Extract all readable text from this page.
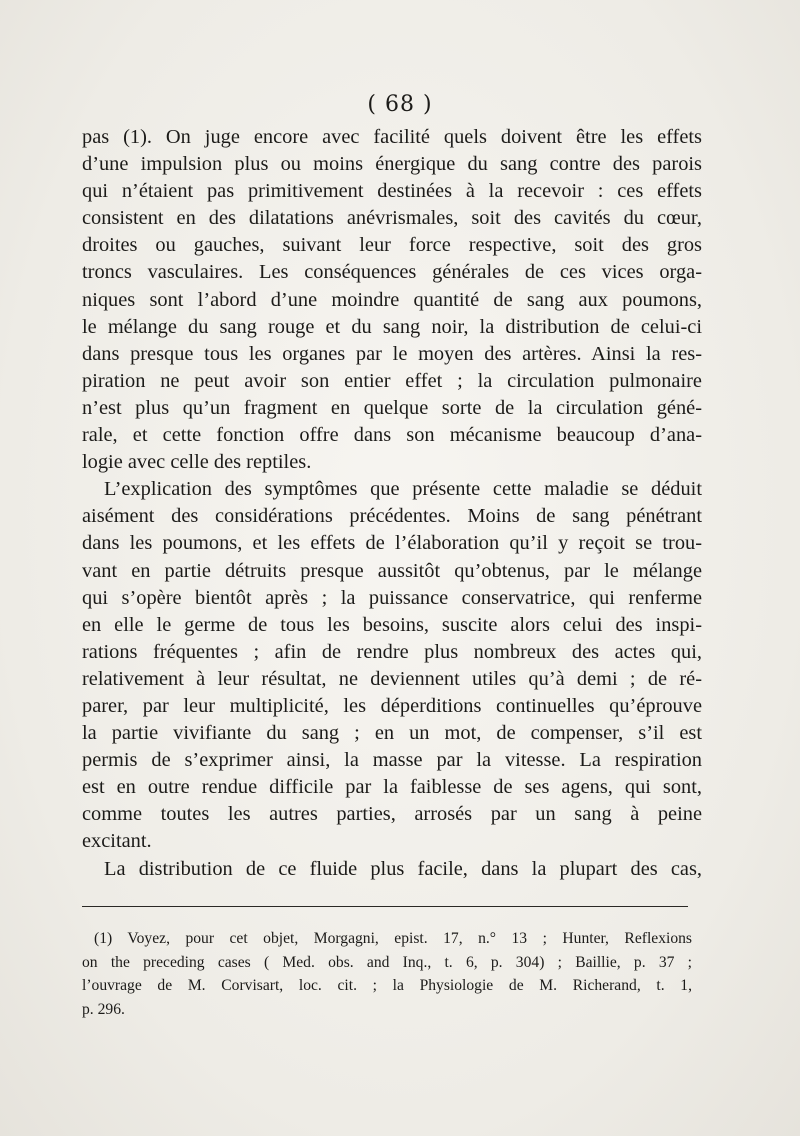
( 68 )
pas (1). On juge encore avec facilité quels doivent être les effets
d’une impulsion plus ou moins énergique du sang contre des parois
qui n’étaient pas primitivement destinées à la recevoir : ces effets
consistent en des dilatations anévrismales, soit des cavités du cœur,
droites ou gauches, suivant leur force respective, soit des gros
troncs vasculaires. Les conséquences générales de ces vices orga-
niques sont l’abord d’une moindre quantité de sang aux poumons,
le mélange du sang rouge et du sang noir, la distribution de celui-ci
dans presque tous les organes par le moyen des artères. Ainsi la res-
piration ne peut avoir son entier effet ; la circulation pulmonaire
n’est plus qu’un fragment en quelque sorte de la circulation géné-
rale, et cette fonction offre dans son mécanisme beaucoup d’ana-
logie avec celle des reptiles.
L’explication des symptômes que présente cette maladie se déduit
aisément des considérations précédentes. Moins de sang pénétrant
dans les poumons, et les effets de l’élaboration qu’il y reçoit se trou-
vant en partie détruits presque aussitôt qu’obtenus, par le mélange
qui s’opère bientôt après ; la puissance conservatrice, qui renferme
en elle le germe de tous les besoins, suscite alors celui des inspi-
rations fréquentes ; afin de rendre plus nombreux des actes qui,
relativement à leur résultat, ne deviennent utiles qu’à demi ; de ré-
parer, par leur multiplicité, les déperditions continuelles qu’éprouve
la partie vivifiante du sang ; en un mot, de compenser, s’il est
permis de s’exprimer ainsi, la masse par la vitesse. La respiration
est en outre rendue difficile par la faiblesse de ses agens, qui sont,
comme toutes les autres parties, arrosés par un sang à peine
excitant.
La distribution de ce fluide plus facile, dans la plupart des cas,
(1) Voyez, pour cet objet, Morgagni, epist. 17, n.° 13 ; Hunter, Reflexions
on the preceding cases ( Med. obs. and Inq., t. 6, p. 304) ; Baillie, p. 37 ;
l’ouvrage de M. Corvisart, loc. cit. ; la Physiologie de M. Richerand, t. 1,
p. 296.
